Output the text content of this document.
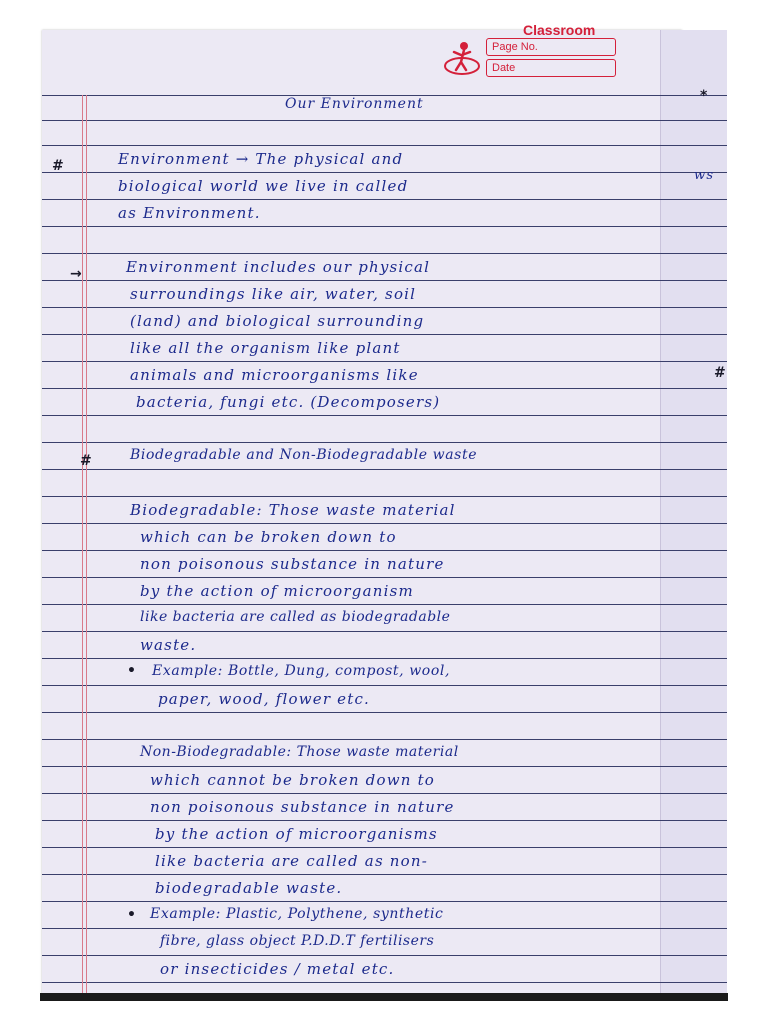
Classroom
Page No.
Date
Our Environment
#
→
#
•
•
*
ws
#
Environment → The physical and
biological world we live in called
as Environment.
Environment includes our physical
surroundings like air, water, soil
(land) and biological surrounding
like all the organism like plant
animals and microorganisms like
bacteria, fungi etc. (Decomposers)
Biodegradable and Non-Biodegradable waste
Biodegradable: Those waste material
which can be broken down to
non poisonous substance in nature
by the action of microorganism
like bacteria are called as biodegradable
waste.
Example: Bottle, Dung, compost, wool,
paper, wood, flower etc.
Non-Biodegradable: Those waste material
which cannot be broken down to
non poisonous substance in nature
by the action of microorganisms
like bacteria are called as non-
biodegradable waste.
Example: Plastic, Polythene, synthetic
fibre, glass object P.D.D.T fertilisers
or insecticides / metal etc.
